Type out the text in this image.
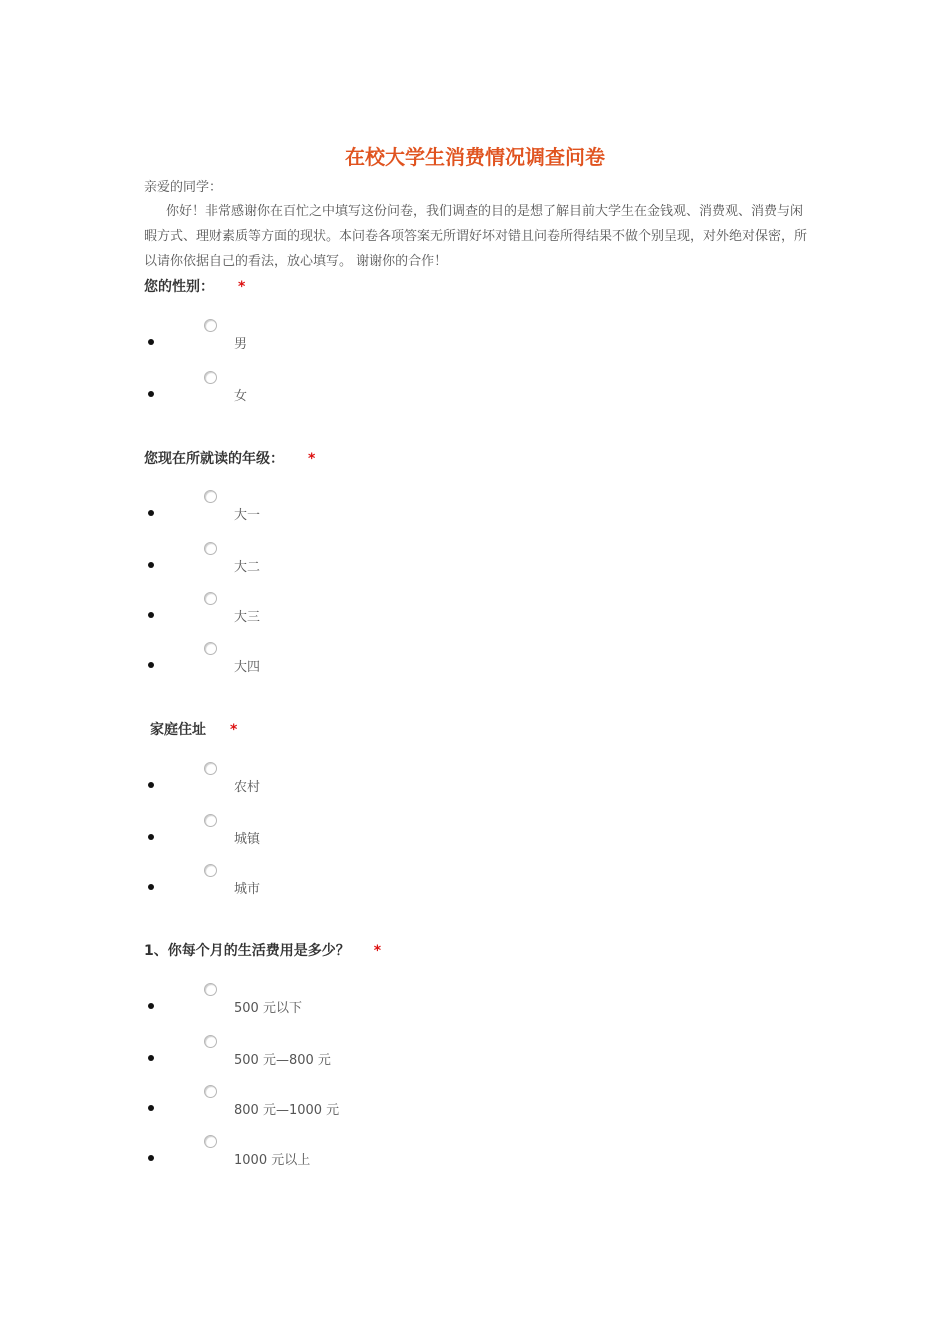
在校大学生消费情况调查问卷
亲爱的同学：
你好！非常感谢你在百忙之中填写这份问卷，我们调查的目的是想了解目前大学生在金钱观、消费观、消费与闲暇方式、理财素质等方面的现状。本问卷各项答案无所谓好坏对错且问卷所得结果不做个别呈现，对外绝对保密，所以请你依据自己的看法，放心填写。 谢谢你的合作！
您的性别： *
男
女
您现在所就读的年级： *
大一
大二
大三
大四
家庭住址 *
农村
城镇
城市
1、你每个月的生活费用是多少？ *
500 元以下
500 元—800 元
800 元—1000 元
1000 元以上
